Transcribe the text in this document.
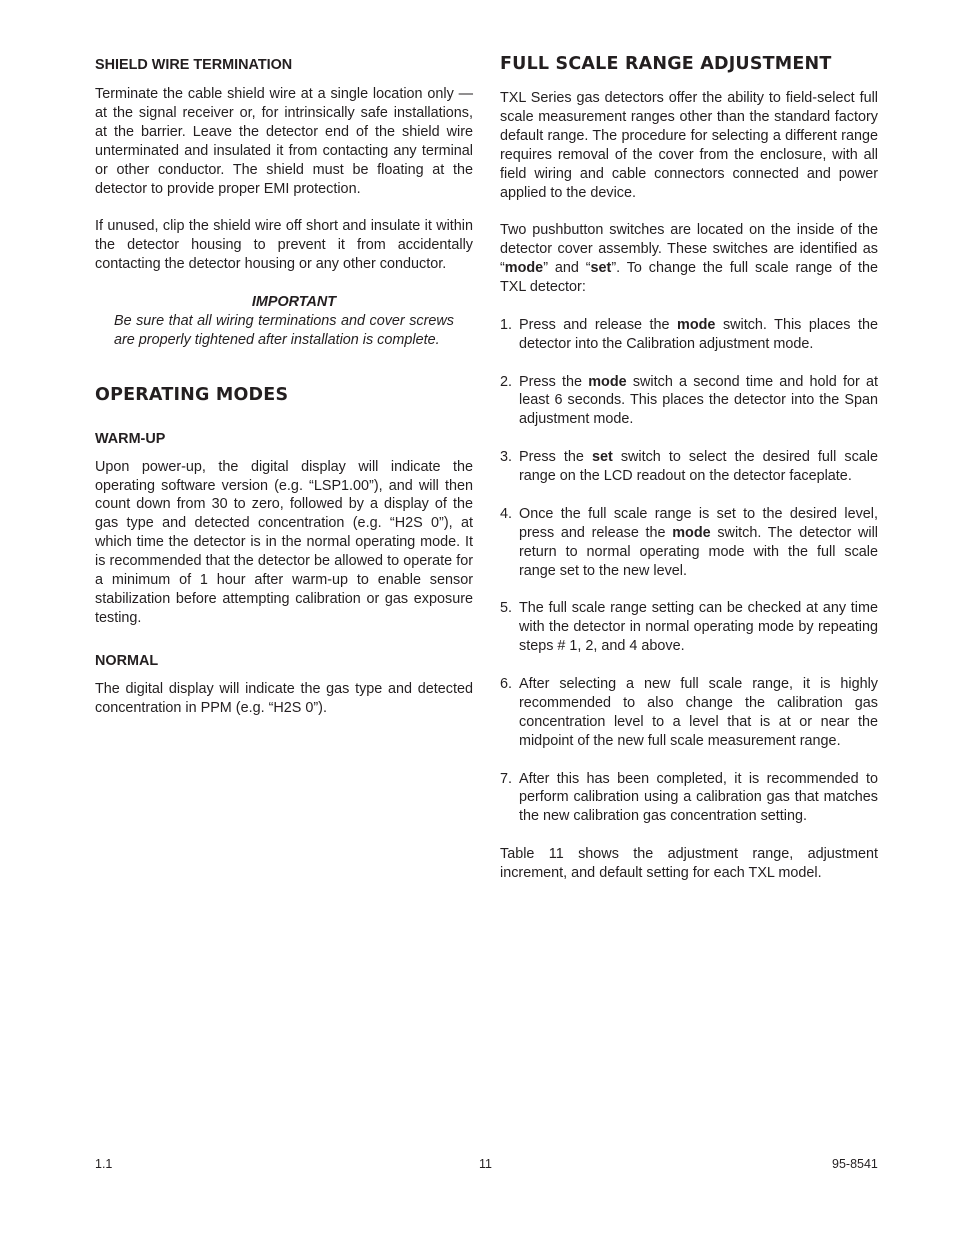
SHIELD WIRE TERMINATION

Terminate the cable shield wire at a single location only — at the signal receiver or, for intrinsically safe installations, at the barrier. Leave the detector end of the shield wire unterminated and insulated it from contacting any terminal or other conductor. The shield must be floating at the detector to provide proper EMI protection.

If unused, clip the shield wire off short and insulate it within the detector housing to prevent it from accidentally contacting the detector housing or any other conductor.

IMPORTANT
Be sure that all wiring terminations and cover screws are properly tightened after installation is complete.
OPERATING MODES
WARM-UP

Upon power-up, the digital display will indicate the operating software version (e.g. “LSP1.00”), and will then count down from 30 to zero, followed by a display of the gas type and detected concentration (e.g. “H2S 0”), at which time the detector is in the normal operating mode. It is recommended that the detector be allowed to operate for a minimum of 1 hour after warm-up to enable sensor stabilization before attempting calibration or gas exposure testing.

NORMAL

The digital display will indicate the gas type and detected concentration in PPM (e.g. “H2S 0”).

FULL SCALE RANGE ADJUSTMENT

TXL Series gas detectors offer the ability to field-select full scale measurement ranges other than the standard factory default range. The procedure for selecting a different range requires removal of the cover from the enclosure, with all field wiring and cable connectors connected and power applied to the device.

Two pushbutton switches are located on the inside of the detector cover assembly. These switches are identified as “mode” and “set”. To change the full scale range of the TXL detector:

1. Press and release the mode switch. This places the detector into the Calibration adjustment mode.
2. Press the mode switch a second time and hold for at least 6 seconds. This places the detector into the Span adjustment mode.
3. Press the set switch to select the desired full scale range on the LCD readout on the detector faceplate.
4. Once the full scale range is set to the desired level, press and release the mode switch. The detector will return to normal operating mode with the full scale range set to the new level.
5. The full scale range setting can be checked at any time with the detector in normal operating mode by repeating steps # 1, 2, and 4 above.
6. After selecting a new full scale range, it is highly recommended to also change the calibration gas concentration level to a level that is at or near the midpoint of the new full scale measurement range.
7. After this has been completed, it is recommended to perform calibration using a calibration gas that matches the new calibration gas concentration setting.

Table 11 shows the adjustment range, adjustment increment, and default setting for each TXL model.

1.1	11	95-8541
